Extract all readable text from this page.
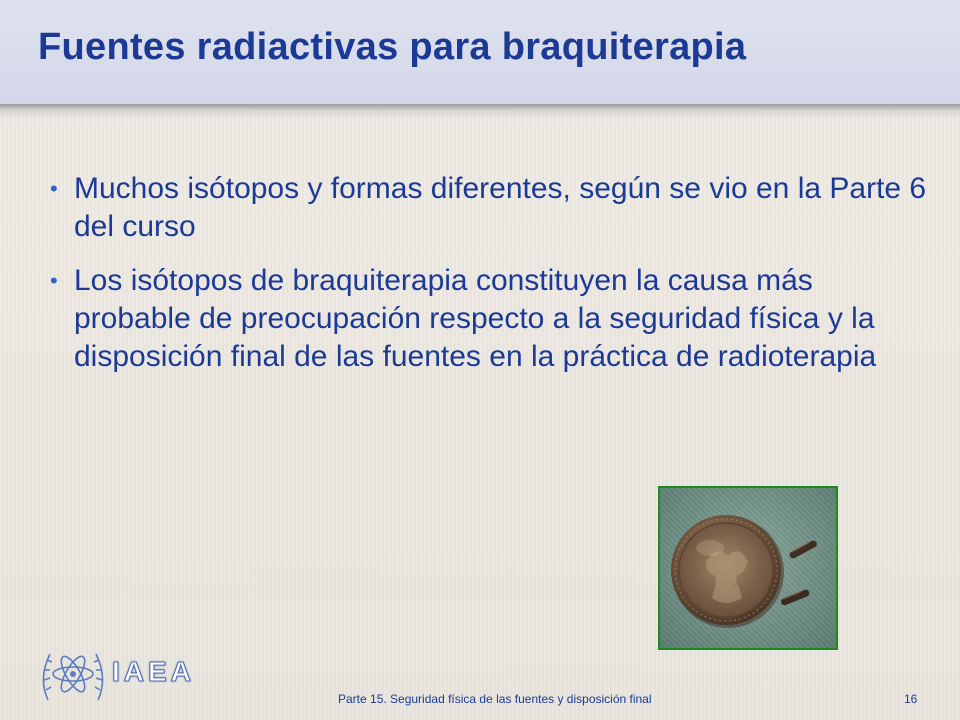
Fuentes radiactivas para braquiterapia
• Muchos isótopos y formas diferentes, según se vio en la Parte 6 del curso
• Los isótopos de braquiterapia constituyen la causa más probable de preocupación respecto a la seguridad física y la disposición final de las fuentes en la práctica de radioterapia
IAEA
Parte 15. Seguridad física de las fuentes y disposición final	16
